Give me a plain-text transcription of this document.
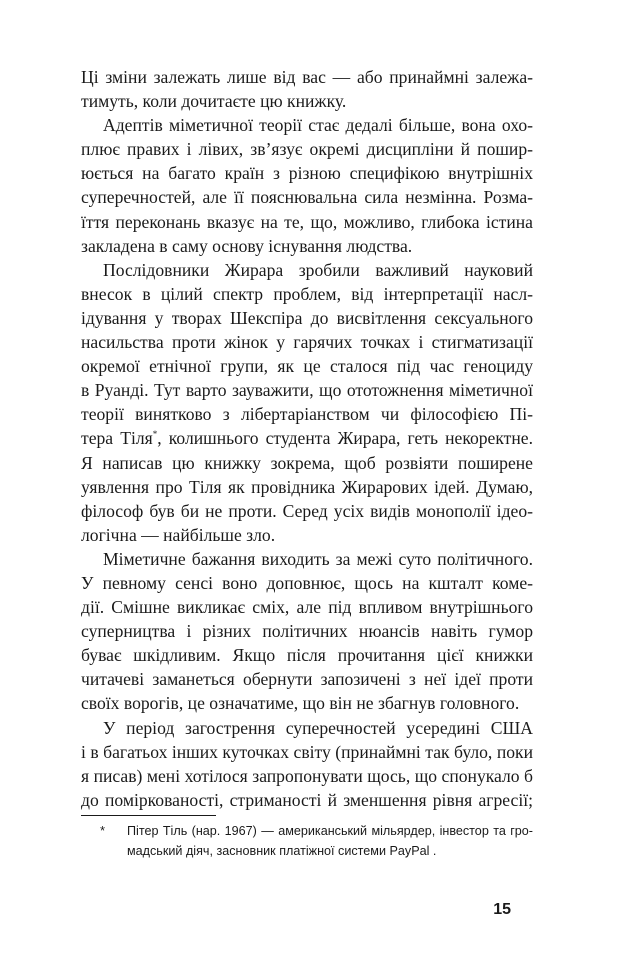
Ці зміни залежать лише від вас — або принаймні залежа-
тимуть, коли дочитаєте цю книжку.
Адептів міметичної теорії стає дедалі більше, вона охо-
плює правих і лівих, зв’язує окремі дисципліни й пошир-
юється на багато країн з різною специфікою внутрішніх
суперечностей, але її пояснювальна сила незмінна. Розма-
їття переконань вказує на те, що, можливо, глибока істина
закладена в саму основу існування людства.
Послідовники Жирара зробили важливий науковий
внесок в цілий спектр проблем, від інтерпретації насл-
ідування у творах Шекспіра до висвітлення сексуального
насильства проти жінок у гарячих точках і стигматизації
окремої етнічної групи, як це сталося під час геноциду
в Руанді. Тут варто зауважити, що ототожнення міметичної
теорії винятково з лібертаріанством чи філософією Пі-
тера Тіля*, колишнього студента Жирара, геть некоректне.
Я написав цю книжку зокрема, щоб розвіяти поширене
уявлення про Тіля як провідника Жирарових ідей. Думаю,
філософ був би не проти. Серед усіх видів монополії ідео-
логічна — найбільше зло.
Міметичне бажання виходить за межі суто політичного.
У певному сенсі воно доповнює, щось на кшталт коме-
дії. Смішне викликає сміх, але під впливом внутрішнього
суперництва і різних політичних нюансів навіть гумор
буває шкідливим. Якщо після прочитання цієї книжки
читачеві заманеться обернути запозичені з неї ідеї проти
своїх ворогів, це означатиме, що він не збагнув головного.
У період загострення суперечностей усередині США
і в багатьох інших куточках світу (принаймні так було, поки
я писав) мені хотілося запропонувати щось, що спонукало б
до поміркованості, стриманості й зменшення рівня агресії;
*	Пітер Тіль (нар. 1967) — американський мільярдер, інвестор та гро-
мадський діяч, засновник платіжної системи PayPal .
15
